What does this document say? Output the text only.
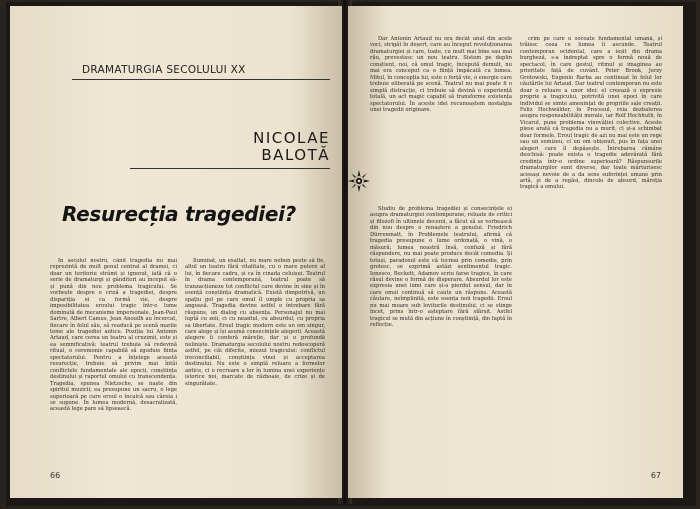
DRAMATURGIA SECOLULUI XX
NICOLAE
BALOTĂ
Resurecția tragediei?

În secolul nostru, când tragedia nu mai reprezintă de mult genul central al dramei, ci doar un teritoriu strâmt și ignorat, iată că o serie de dramaturgi și gânditori au început să-și pună din nou problema tragicului. Se vorbește despre o criză a tragediei, despre dispariția ei ca formă vie, despre imposibilitatea eroului tragic într-o lume dominată de mecanisme impersonale. Jean-Paul Sartre, Albert Camus, Jean Anouilh au încercat, fiecare în felul său, să readucă pe scenă marile teme ale tragediei antice. Poziția lui Antonin Artaud, care cerea un teatru al cruzimii, este și ea semnificativă: teatrul trebuia să redevină ritual, o ceremonie capabilă să zguduie ființa spectatorului. Pentru a înțelege această resurecție, trebuie să privim mai întâi conflictele fundamentale ale epocii, conștiința destinului și raportul omului cu transcendența. Tragedia, spunea Nietzsche, se naște din spiritul muzicii; ea presupune un sacru, o lege superioară pe care eroul o încalcă sau căreia i se supune. În lumea modernă, desacralizată, această lege pare să lipsească.

Iluminat, un exaltat, nu mare nobun peste să fie, altul un teatru fără vitalitate, cu o mare putere al lui, în fiecare cadru, și ca în cinada celuișui. Teatrul în drama contemporană, teatrul poate să tranzacționeze tot conflictul care devine în sine și în esență conștiința dramatică. Există dimpotrivă, un spațiu gol pe care omul îl umple cu propria sa angoasă. Tragedia devine astfel o întrebare fără răspuns, un dialog cu absența. Personajul nu mai luptă cu zeii, ci cu neantul, cu absurdul, cu propria sa libertate. Eroul tragic modern este un om singur, care alege și își asumă consecințele alegerii. Această alegere îi conferă măreție, dar și o profundă neliniște. Dramaturgia secolului nostru redescoperă astfel, pe căi diferite, miezul tragicului: conflictul ireconciliabil, conștiința vinei și acceptarea destinului. Nu este o simplă reluare a formelor antice, ci o recreare a lor în lumina unei experiențe istorice noi, marcate de războaie, de crize și de singurătate.

66

Dar Antonin Artaud nu era decât unul din acele voci, strigăt în deșert, care au început revoluționarea dramaturgiei și care, toate, cu mult mai bine sau mai rău, prevestesc un nou teatru. Sistem pe deplin conștient, noi, că omul tragic, începută demult, nu mai era conceput ca o ființă împăcată cu lumea. Mitul, în concepția lui, este o forță vie, o energie care trebuie eliberată pe scenă. Teatrul nu mai poate fi o simplă distracție, ci trebuie să devină o experiență totală, un act magic capabil să transforme existența spectatorului. În aceste idei recunoaștem nostalgia unei tragedii originare.

Studiu de problema tragediei și consecințele ei asupra dramaturgiei contemporane, reluate de critici și filozofi în ultimele decenii, a făcut să se vorbească din nou despre o renaștere a genului. Friedrich Dürrenmatt, în Problemele teatrului, afirmă că tragedia presupune o lume ordonată, o vină, o măsură; lumea noastră însă, confuză și fără răspundere, nu mai poate produce decât comedia. Și totuși, paradoxul este că tocmai prin comedie, prin grotesc, se exprimă astăzi sentimentul tragic. Ionesco, Beckett, Adamov scriu farse tragice, în care râsul devine o formă de disperare. Absurdul lor este expresia unei lumi care și-a pierdut sensul, dar în care omul continuă să caute un răspuns. Această căutare, neîmplinită, este esența noii tragedii. Eroul nu mai moare sub loviturile destinului, ci se stinge încet, prins într-o așteptare fără sfârșit. Astfel tragicul se mută din acțiune în conștiință, din faptă în reflecție.

crim pe care o socoate fundamental umană, și trăiesc ceea ce lumea îi ascunde. Teatrul contemporan ocidental, care a ieșit din drama burgheză, s-a îndreptat spre o formă nouă de spectacol, în care gestul, ritmul și imaginea au prioritate față de cuvânt. Peter Brook, Jerzy Grotowski, Eugenio Barba au continuat în felul lor căutările lui Artaud. Dar teatrul contemporan nu este doar o reluare a unor idei: el creează o expresie proprie a tragicului, potrivită unei epoci în care individul se simte amenințat de propriile sale creații. Feliz Hochwälder, în Procesul, reia dezbaterea asupra responsabilității morale, iar Rolf Hochhuth, în Vicarul, pune problema vinovăției colective. Aceste piese arată că tragedia nu a murit, ci și-a schimbat doar formele. Eroul tragic de azi nu mai este un rege sau un semizeu, ci un om obișnuit, pus în fața unei alegeri care îl depășește. Întrebarea rămâne deschisă: poate exista o tragedie adevărată fără credința într-o ordine superioară? Răspunsurile dramaturgilor sunt diverse, dar toate mărturisesc aceeași nevoie de a da sens suferinței umane prin artă, și de a regăsi, dincolo de absurd, măreția tragică a omului.

67
